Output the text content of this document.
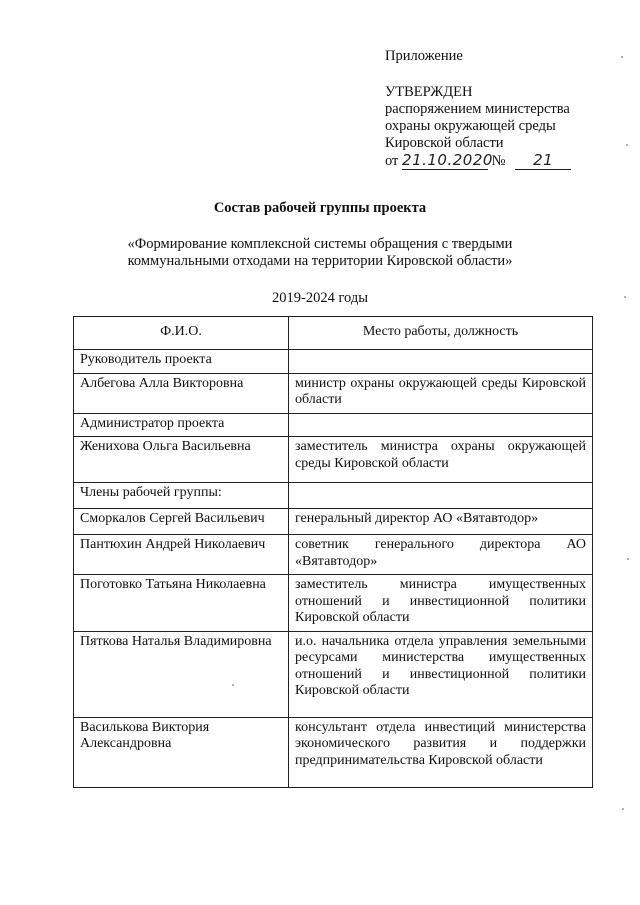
Приложение
УТВЕРЖДЕН
распоряжением министерства
охраны окружающей среды
Кировской области
от 21.10.2020 № 21
Состав рабочей группы проекта
«Формирование комплексной системы обращения с твердыми коммунальными отходами на территории Кировской области»
2019-2024 годы
Ф.И.О.	Место работы, должность
Руководитель проекта	
Албегова Алла Викторовна	министр охраны окружающей среды Кировской области
Администратор проекта	
Женихова Ольга Васильевна	заместитель министра охраны окружающей среды Кировской области
Члены рабочей группы:	
Сморкалов Сергей Васильевич	генеральный директор АО «Вятавтодор»
Пантюхин Андрей Николаевич	советник генерального директора АО «Вятавтодор»
Поготовко Татьяна Николаевна	заместитель министра имущественных отношений и инвестиционной политики Кировской области
Пяткова Наталья Владимировна	и.о. начальника отдела управления земельными ресурсами министерства имущественных отношений и инвестиционной политики Кировской области
Василькова Виктория Александровна	консультант отдела инвестиций министерства экономического развития и поддержки предпринимательства Кировской области
